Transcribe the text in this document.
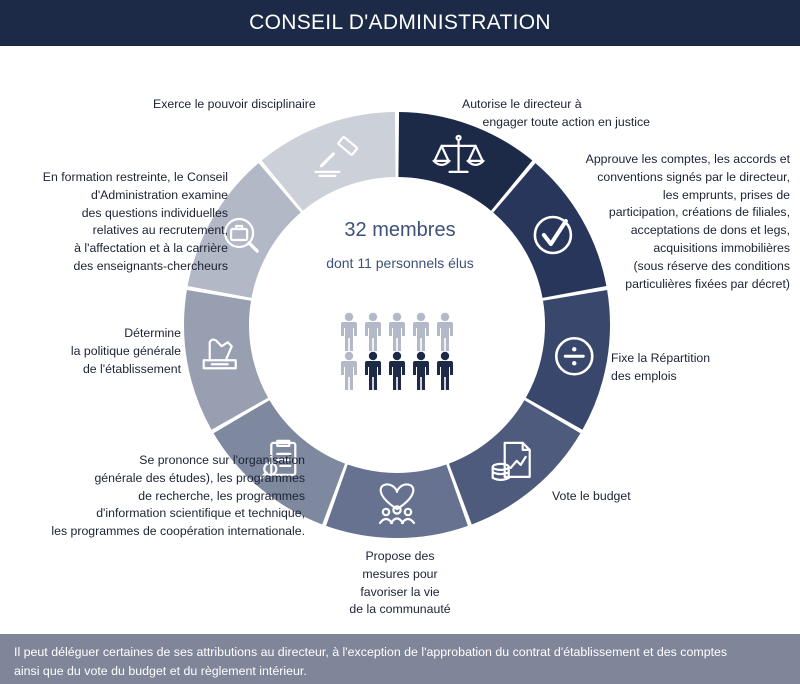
CONSEIL D'ADMINISTRATION
32 membres
dont 11 personnels élus
Autorise le directeur à
engager toute action en justice
Approuve les comptes, les accords et
conventions signés par le directeur,
les emprunts, prises de
participation, créations de filiales,
acceptations de dons et legs,
acquisitions immobilières
(sous réserve des conditions
particulières fixées par décret)
Fixe la Répartition
des emplois
Vote le budget
Propose des
mesures pour
favoriser la vie
de la communauté
Se prononce sur l'organisation
générale des études), les programmes
de recherche, les programmes
d'information scientifique et technique,
les programmes de coopération internationale.
Détermine
la politique générale
de l'établissement
En formation restreinte, le Conseil
d'Administration examine
des questions individuelles
relatives au recrutement,
à l'affectation et à la carrière
des enseignants-chercheurs
Exerce le pouvoir disciplinaire
Il peut déléguer certaines de ses attributions au directeur, à l'exception de l'approbation du contrat d'établissement et des comptes
ainsi que du vote du budget et du règlement intérieur.
